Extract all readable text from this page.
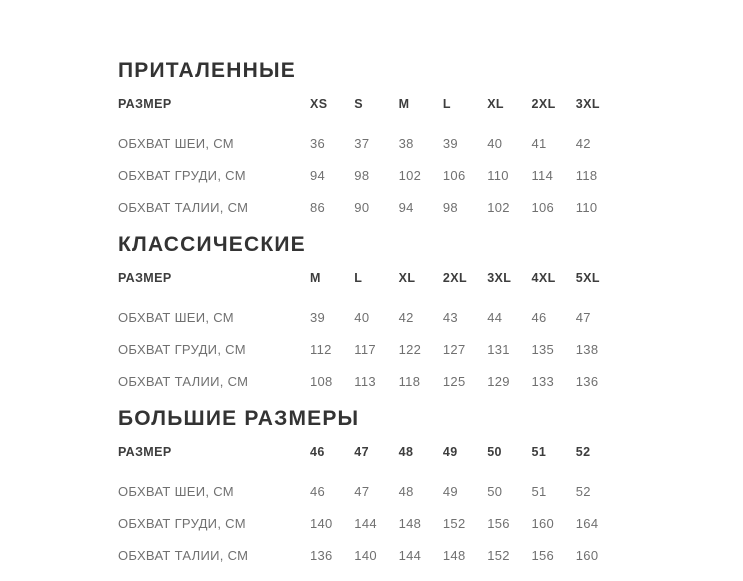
ПРИТАЛЕННЫЕ
РАЗМЕР	XS	S	M	L	XL	2XL	3XL
ОБХВАТ ШЕИ, СМ	36	37	38	39	40	41	42
ОБХВАТ ГРУДИ, СМ	94	98	102	106	110	114	118
ОБХВАТ ТАЛИИ, СМ	86	90	94	98	102	106	110
КЛАССИЧЕСКИЕ
РАЗМЕР	M	L	XL	2XL	3XL	4XL	5XL
ОБХВАТ ШЕИ, СМ	39	40	42	43	44	46	47
ОБХВАТ ГРУДИ, СМ	112	117	122	127	131	135	138
ОБХВАТ ТАЛИИ, СМ	108	113	118	125	129	133	136
БОЛЬШИЕ РАЗМЕРЫ
РАЗМЕР	46	47	48	49	50	51	52
ОБХВАТ ШЕИ, СМ	46	47	48	49	50	51	52
ОБХВАТ ГРУДИ, СМ	140	144	148	152	156	160	164
ОБХВАТ ТАЛИИ, СМ	136	140	144	148	152	156	160
